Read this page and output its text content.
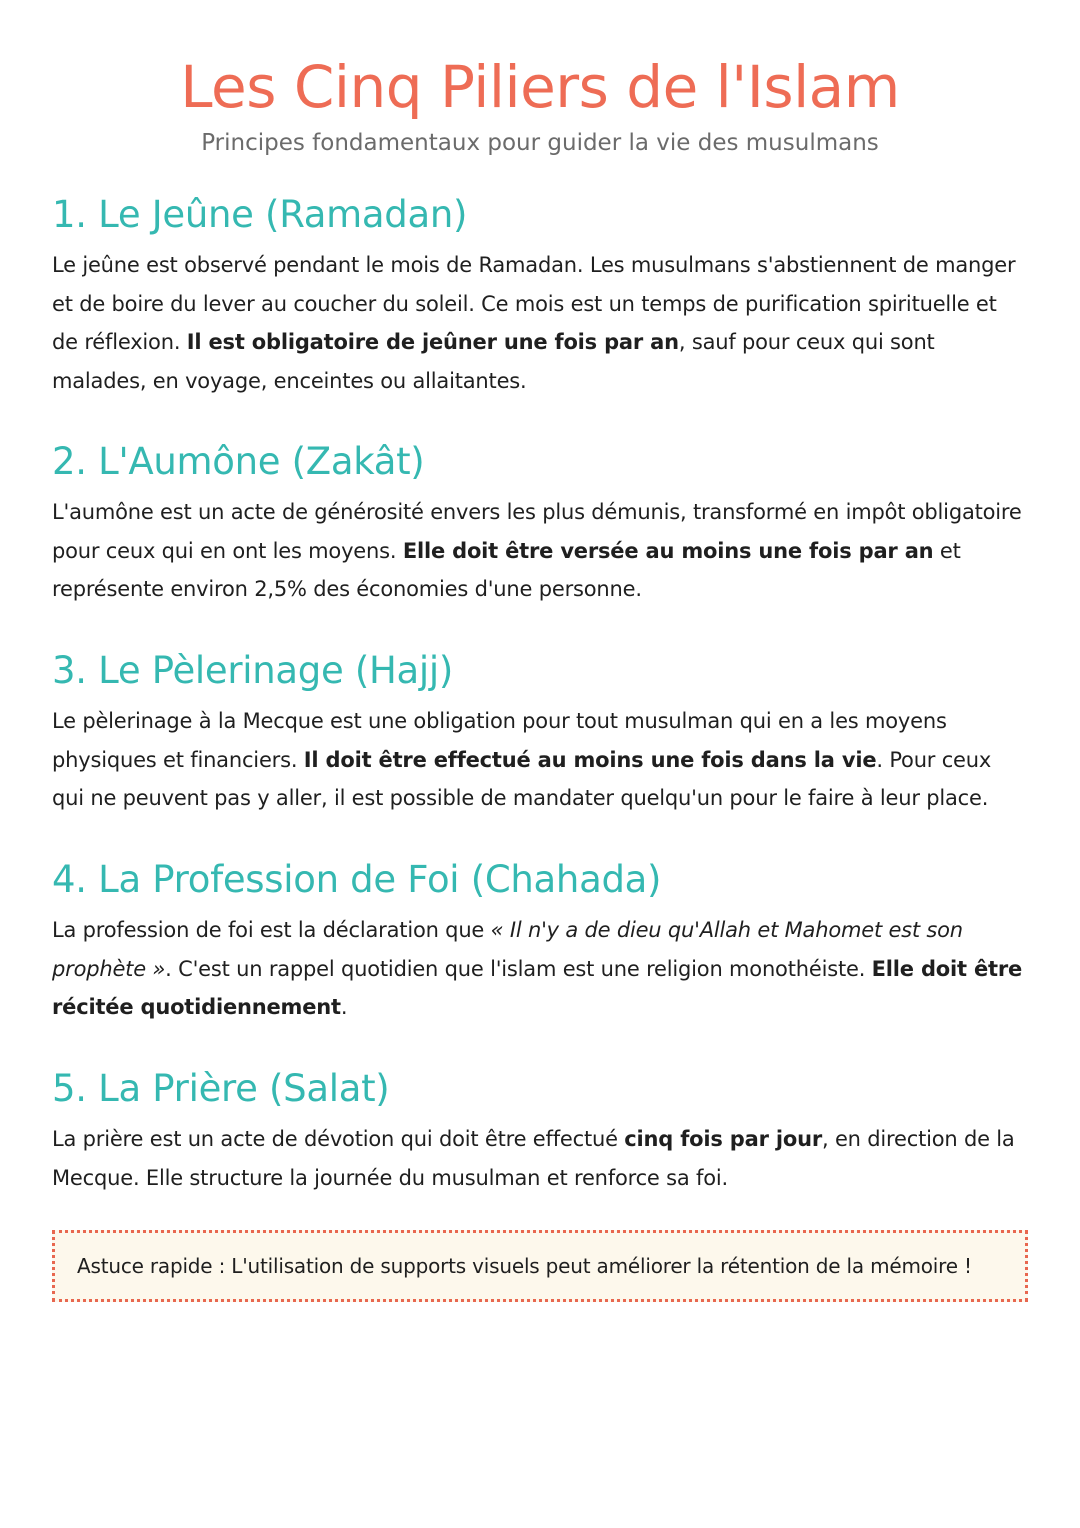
Les Cinq Piliers de l'Islam

Principes fondamentaux pour guider la vie des musulmans

1. Le Jeûne (Ramadan)

Le jeûne est observé pendant le mois de Ramadan. Les musulmans s'abstiennent de manger et de boire du lever au coucher du soleil. Ce mois est un temps de purification spirituelle et de réflexion. Il est obligatoire de jeûner une fois par an, sauf pour ceux qui sont malades, en voyage, enceintes ou allaitantes.

2. L'Aumône (Zakât)

L'aumône est un acte de générosité envers les plus démunis, transformé en impôt obligatoire pour ceux qui en ont les moyens. Elle doit être versée au moins une fois par an et représente environ 2,5% des économies d'une personne.

3. Le Pèlerinage (Hajj)

Le pèlerinage à la Mecque est une obligation pour tout musulman qui en a les moyens physiques et financiers. Il doit être effectué au moins une fois dans la vie. Pour ceux qui ne peuvent pas y aller, il est possible de mandater quelqu'un pour le faire à leur place.

4. La Profession de Foi (Chahada)

La profession de foi est la déclaration que « Il n'y a de dieu qu'Allah et Mahomet est son prophète ». C'est un rappel quotidien que l'islam est une religion monothéiste. Elle doit être récitée quotidiennement.

5. La Prière (Salat)

La prière est un acte de dévotion qui doit être effectué cinq fois par jour, en direction de la Mecque. Elle structure la journée du musulman et renforce sa foi.

Astuce rapide : L'utilisation de supports visuels peut améliorer la rétention de la mémoire !
